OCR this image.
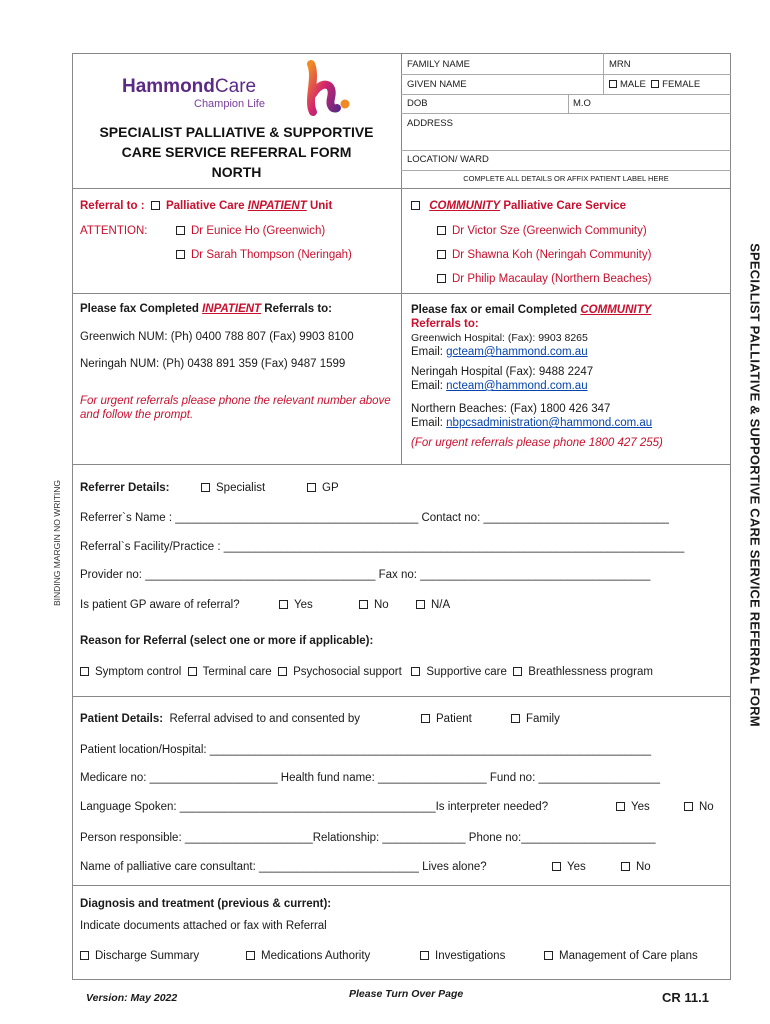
FAMILY NAME	MRN
GIVEN NAME	MALE FEMALE
DOB	M.O
ADDRESS
LOCATION/ WARD
COMPLETE ALL DETAILS OR AFFIX PATIENT LABEL HERE
HammondCare
Champion Life
SPECIALIST PALLIATIVE & SUPPORTIVE
CARE SERVICE REFERRAL FORM
NORTH
Referral to : Palliative Care INPATIENT Unit	COMMUNITY Palliative Care Service
ATTENTION:	Dr Eunice Ho (Greenwich)
Dr Sarah Thompson (Neringah)
Dr Victor Sze (Greenwich Community)
Dr Shawna Koh (Neringah Community)
Dr Philip Macaulay (Northern Beaches)
Please fax Completed INPATIENT Referrals to:
Greenwich NUM: (Ph) 0400 788 807 (Fax) 9903 8100
Neringah NUM: (Ph) 0438 891 359 (Fax) 9487 1599
For urgent referrals please phone the relevant number above and follow the prompt.
Please fax or email Completed COMMUNITY
Referrals to:
Greenwich Hospital: (Fax): 9903 8265
Email: gcteam@hammond.com.au
Neringah Hospital (Fax): 9488 2247
Email: ncteam@hammond.com.au
Northern Beaches: (Fax) 1800 426 347
Email: nbpcsadministration@hammond.com.au
(For urgent referrals please phone 1800 427 255)
Referrer Details:	Specialist	GP
Referrer`s Name : ______________________________________ Contact no: _____________________________
Referral`s Facility/Practice : ________________________________________________________________________
Provider no: ____________________________________ Fax no: ____________________________________
Is patient GP aware of referral?	Yes	No	N/A
Reason for Referral (select one or more if applicable):
Symptom control Terminal care Psychosocial support Supportive care Breathlessness program
Patient Details: Referral advised to and consented by	Patient	Family
Patient location/Hospital: _____________________________________________________________________
Medicare no: ____________________ Health fund name: _________________ Fund no: ___________________
Language Spoken: ________________________________________Is interpreter needed?	Yes	No
Person responsible: ____________________Relationship: _____________ Phone no:_____________________
Name of palliative care consultant: _________________________ Lives alone?	Yes	No
Diagnosis and treatment (previous & current):
Indicate documents attached or fax with Referral
Discharge Summary	Medications Authority	Investigations	Management of Care plans
Version: May 2022	Please Turn Over Page	CR 11.1
SPECIALIST PALLIATIVE & SUPPORTIVE CARE SERVICE REFERRAL FORM
BINDING MARGIN NO WRITING
